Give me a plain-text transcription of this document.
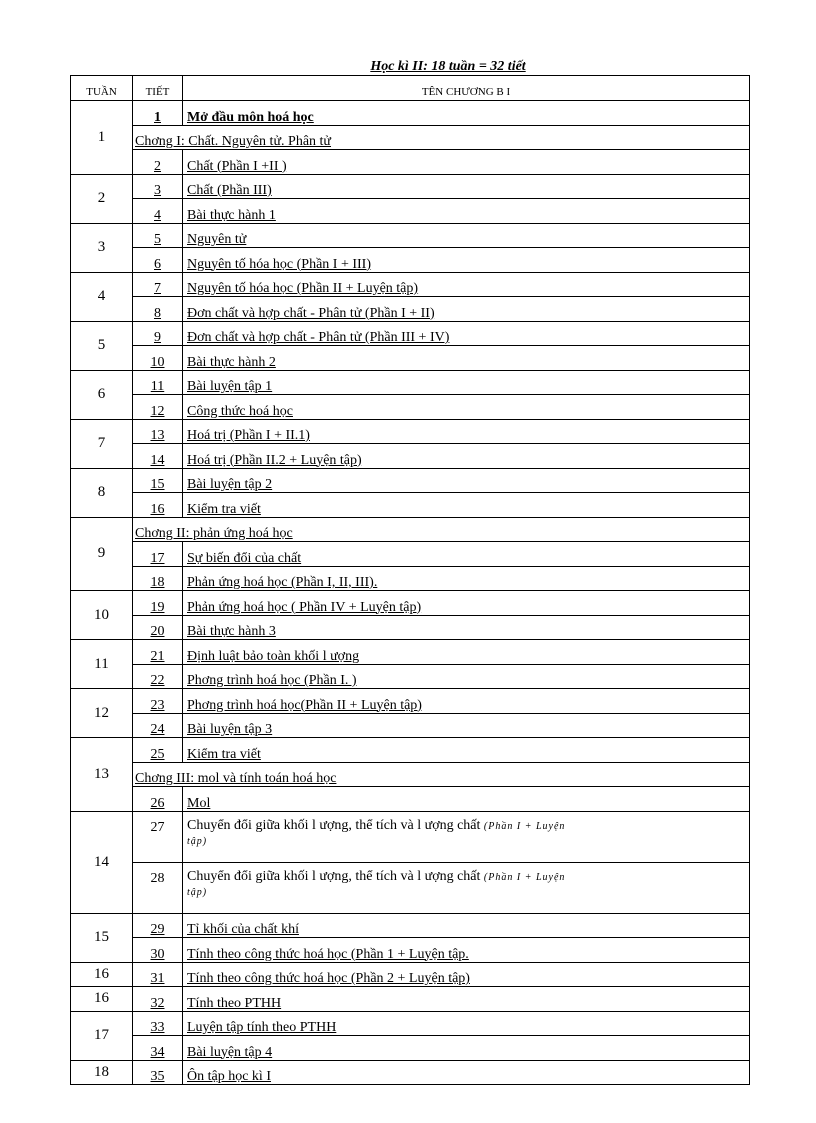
Học kì II: 18 tuần = 32 tiết
TUẦN	TIẾT	TÊN CHƯƠNG B I
1	1	Mở đầu môn hoá học
	Chơng I: Chất. Nguyên tử. Phân tử	
	2	Chất (Phần I +II )
2	3	Chất (Phần III)
	4	Bài thực hành 1
3	5	Nguyên tử
	6	Nguyên tố hóa học (Phần I + III)
4	7	Nguyên tố hóa học (Phần II + Luyện tập)
	8	Đơn chất và hợp chất - Phân tử (Phần I + II)
5	9	Đơn chất và hợp chất - Phân tử (Phần III + IV)
	10	Bài thực hành 2
6	11	Bài luyện tập 1
	12	Công thức hoá học
7	13	Hoá trị (Phần I + II.1)
	14	Hoá trị (Phần II.2 + Luyện tập)
8	15	Bài luyện tập 2
	16	Kiểm tra viết
9	Chơng II: phản ứng hoá học	
	17	Sự biến đổi của chất
	18	Phản ứng hoá học (Phần I, II, III).
10	19	Phản ứng hoá học ( Phần IV + Luyện tập)
	20	Bài thực hành 3
11	21	Định luật bảo toàn khối l ượng
	22	Phơng trình hoá học (Phần I. )
12	23	Phơng trình hoá học(Phần II + Luyện tập)
	24	Bài luyện tập 3
13	25	Kiểm tra viết
	Chơng III: mol và tính toán hoá học	
	26	Mol
14	27	Chuyển đổi giữa khối l ượng, thể tích và l ượng chất (Phần I + Luyện
tập)

	28	Chuyển đổi giữa khối l ượng, thể tích và l ượng chất (Phần I + Luyện
tập)

15	29	Tỉ khối của chất khí
	30	Tính theo công thức hoá học (Phần 1 + Luyện tập.
16	31	Tính theo công thức hoá học (Phần 2 + Luyện tập)
16	32	Tính theo PTHH
17	33	Luyện tập tính theo PTHH
	34	Bài luyện tập 4
18	35	Ôn tập học kì I
